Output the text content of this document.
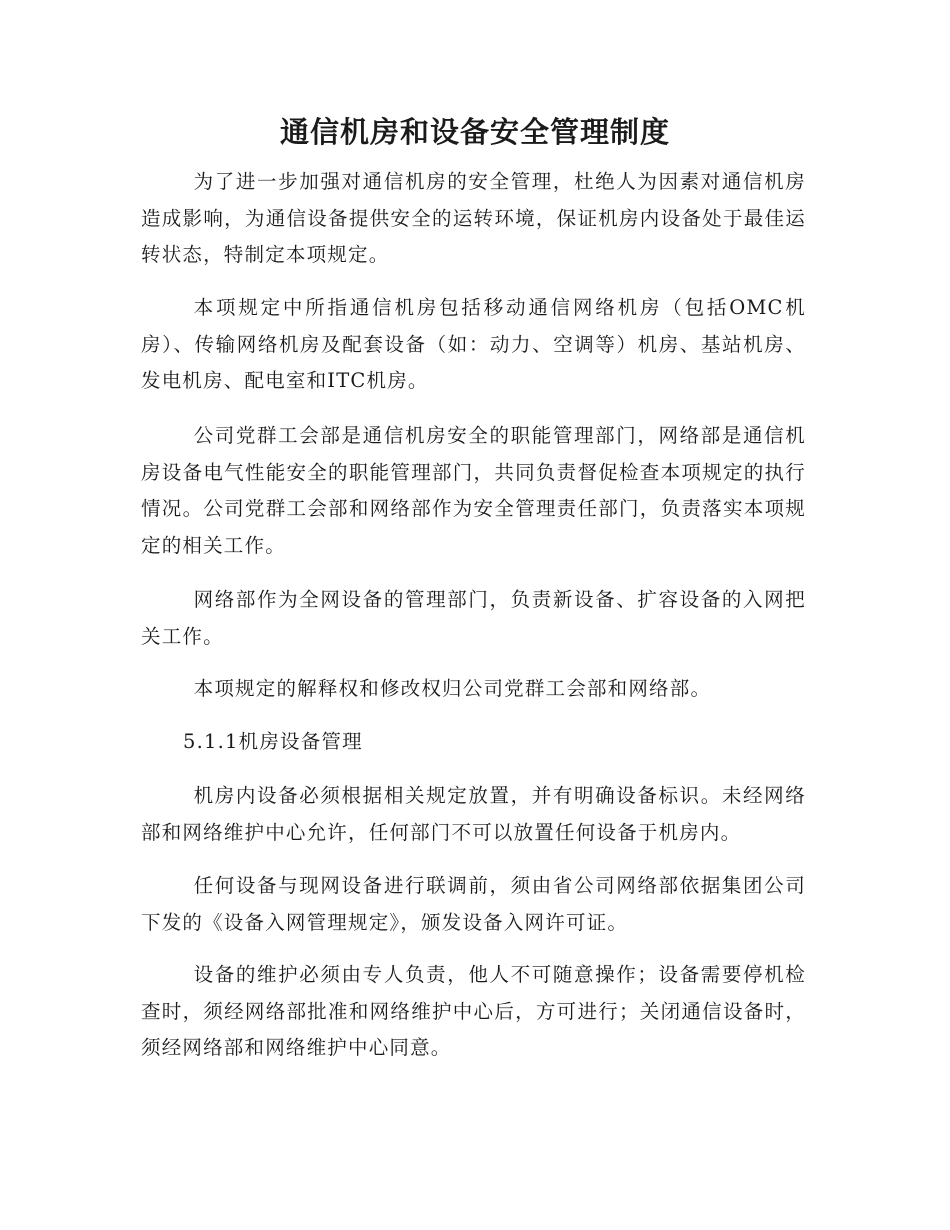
通信机房和设备安全管理制度

为了进一步加强对通信机房的安全管理，杜绝人为因素对通信机房造成影响，为通信设备提供安全的运转环境，保证机房内设备处于最佳运转状态，特制定本项规定。

本项规定中所指通信机房包括移动通信网络机房（包括OMC机房）、传输网络机房及配套设备（如：动力、空调等）机房、基站机房、发电机房、配电室和ITC机房。

公司党群工会部是通信机房安全的职能管理部门，网络部是通信机房设备电气性能安全的职能管理部门，共同负责督促检查本项规定的执行情况。公司党群工会部和网络部作为安全管理责任部门，负责落实本项规定的相关工作。

网络部作为全网设备的管理部门，负责新设备、扩容设备的入网把关工作。

本项规定的解释权和修改权归公司党群工会部和网络部。

5.1.1机房设备管理

机房内设备必须根据相关规定放置，并有明确设备标识。未经网络部和网络维护中心允许，任何部门不可以放置任何设备于机房内。

任何设备与现网设备进行联调前，须由省公司网络部依据集团公司下发的《设备入网管理规定》，颁发设备入网许可证。

设备的维护必须由专人负责，他人不可随意操作；设备需要停机检查时，须经网络部批准和网络维护中心后，方可进行；关闭通信设备时，须经网络部和网络维护中心同意。
